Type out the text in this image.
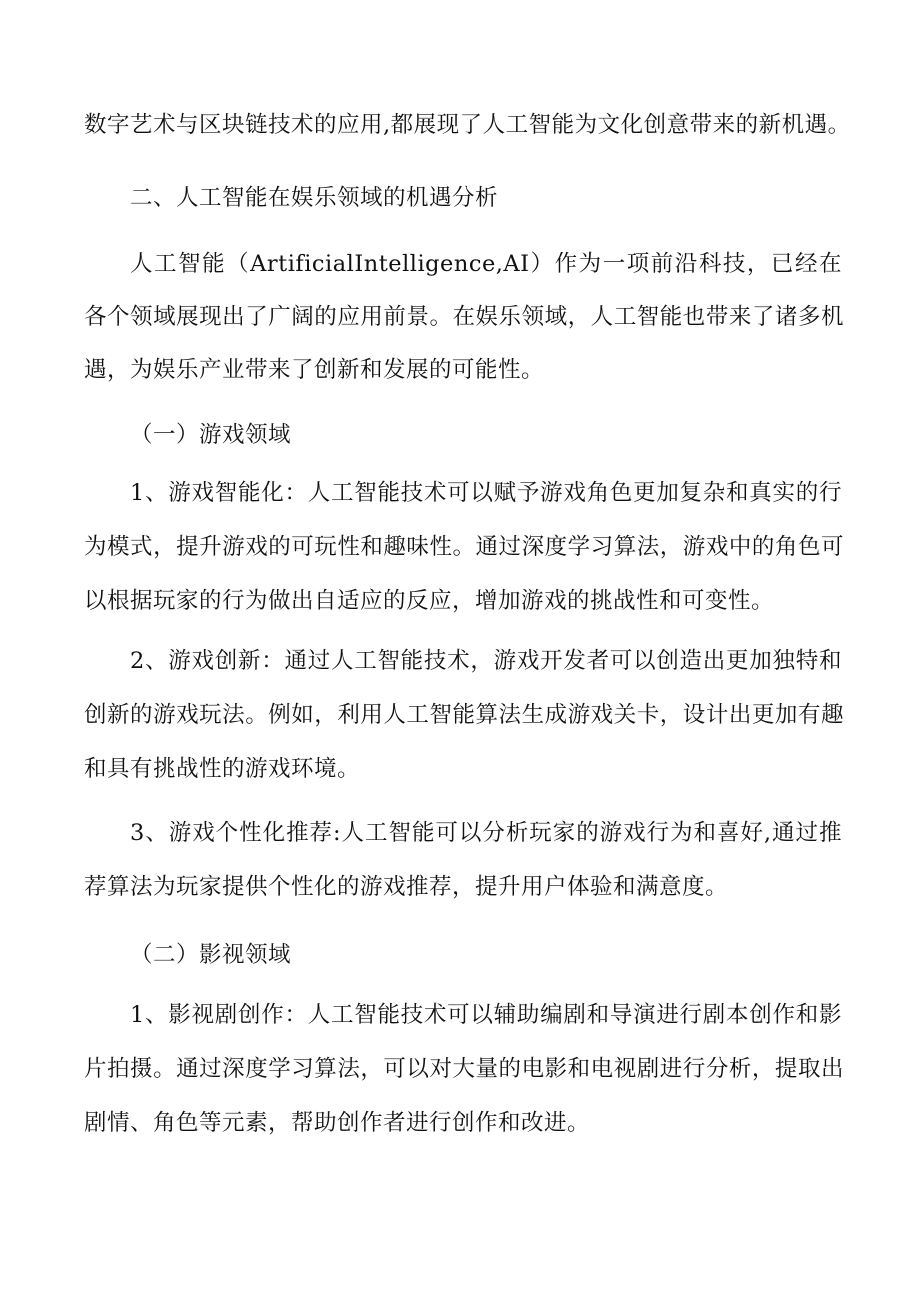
数字艺术与区块链技术的应用,都展现了人工智能为文化创意带来的新机遇。
二、人工智能在娱乐领域的机遇分析
人工智能（ArtificialIntelligence,AI）作为一项前沿科技，已经在
各个领域展现出了广阔的应用前景。在娱乐领域，人工智能也带来了诸多机
遇，为娱乐产业带来了创新和发展的可能性。
（一）游戏领域
1、游戏智能化：人工智能技术可以赋予游戏角色更加复杂和真实的行
为模式，提升游戏的可玩性和趣味性。通过深度学习算法，游戏中的角色可
以根据玩家的行为做出自适应的反应，增加游戏的挑战性和可变性。
2、游戏创新：通过人工智能技术，游戏开发者可以创造出更加独特和
创新的游戏玩法。例如，利用人工智能算法生成游戏关卡，设计出更加有趣
和具有挑战性的游戏环境。
3、游戏个性化推荐:人工智能可以分析玩家的游戏行为和喜好,通过推
荐算法为玩家提供个性化的游戏推荐，提升用户体验和满意度。
（二）影视领域
1、影视剧创作：人工智能技术可以辅助编剧和导演进行剧本创作和影
片拍摄。通过深度学习算法，可以对大量的电影和电视剧进行分析，提取出
剧情、角色等元素，帮助创作者进行创作和改进。
